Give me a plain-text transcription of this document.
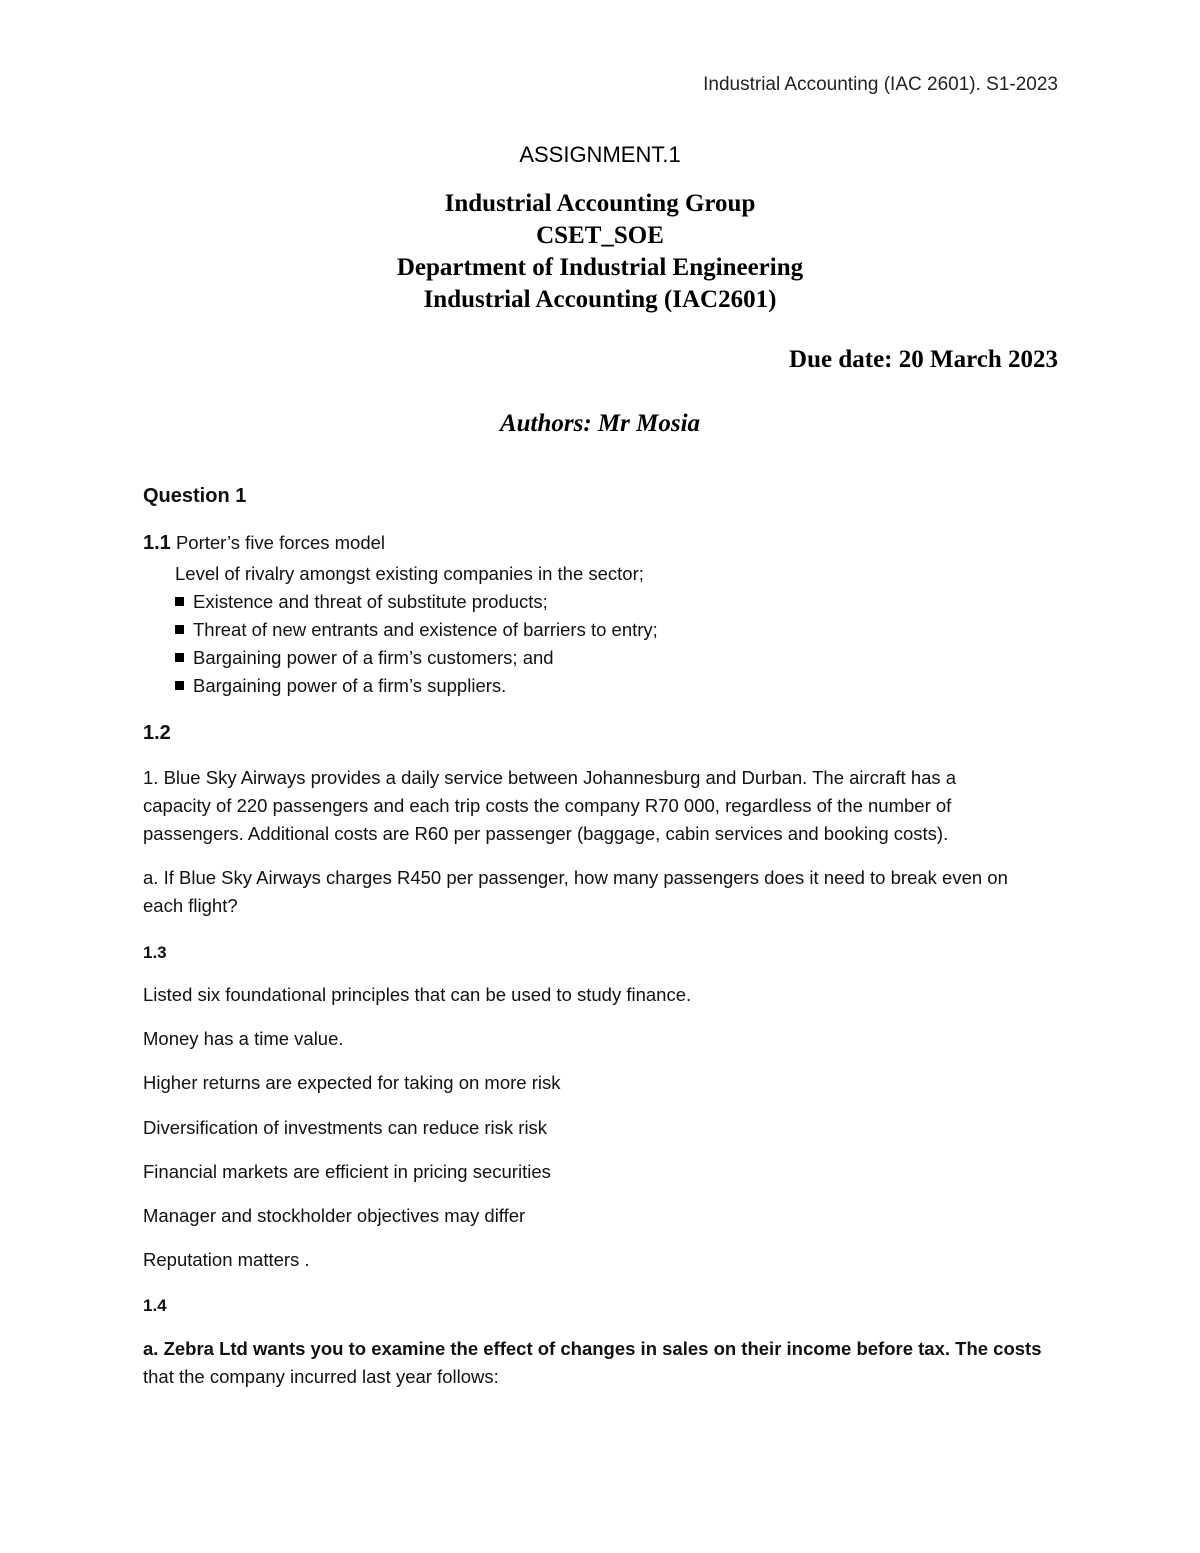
Industrial Accounting (IAC 2601). S1-2023
ASSIGNMENT.1
Industrial Accounting Group
CSET_SOE
Department of Industrial Engineering
Industrial Accounting (IAC2601)
Due date: 20 March 2023
Authors: Mr Mosia
Question 1
1.1 Porter’s five forces model
Level of rivalry amongst existing companies in the sector;
Existence and threat of substitute products;
Threat of new entrants and existence of barriers to entry;
Bargaining power of a firm’s customers; and
Bargaining power of a firm’s suppliers.
1.2
1. Blue Sky Airways provides a daily service between Johannesburg and Durban. The aircraft has a
capacity of 220 passengers and each trip costs the company R70 000, regardless of the number of
passengers. Additional costs are R60 per passenger (baggage, cabin services and booking costs).
a. If Blue Sky Airways charges R450 per passenger, how many passengers does it need to break even on
each flight?
1.3
Listed six foundational principles that can be used to study finance.
Money has a time value.
Higher returns are expected for taking on more risk
Diversification of investments can reduce risk risk
Financial markets are efficient in pricing securities
Manager and stockholder objectives may differ
Reputation matters .
1.4
a. Zebra Ltd wants you to examine the effect of changes in sales on their income before tax. The costs
that the company incurred last year follows:
